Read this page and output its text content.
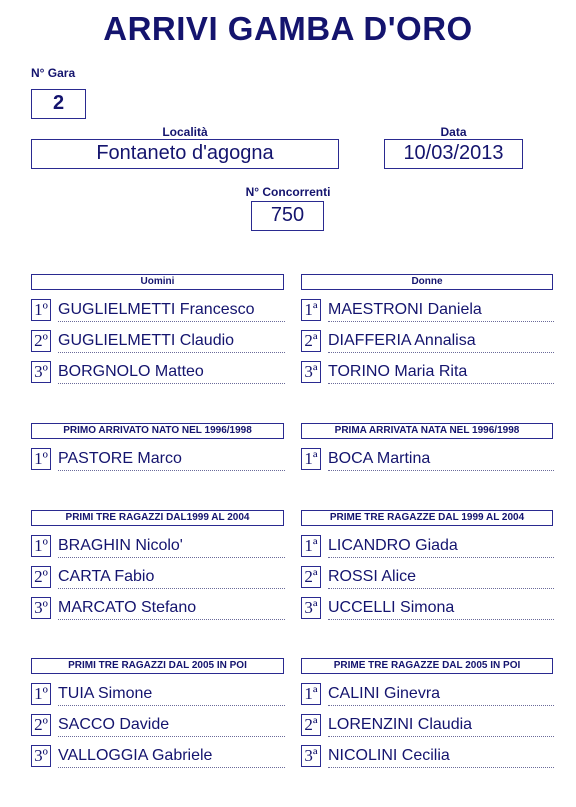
ARRIVI GAMBA D'ORO
N° Gara
2
Località
Fontaneto d'agogna
Data
10/03/2013
N° Concorrenti
750
Uomini
1º GUGLIELMETTI Francesco
2º GUGLIELMETTI Claudio
3º BORGNOLO Matteo
Donne
1ª MAESTRONI Daniela
2ª DIAFFERIA Annalisa
3ª TORINO Maria Rita
PRIMO ARRIVATO NATO NEL 1996/1998
1º PASTORE Marco
PRIMA ARRIVATA NATA NEL 1996/1998
1ª BOCA Martina
PRIMI TRE RAGAZZI DAL1999 AL 2004
1º BRAGHIN Nicolo'
2º CARTA Fabio
3º MARCATO Stefano
PRIME TRE RAGAZZE DAL 1999 AL 2004
1ª LICANDRO Giada
2ª ROSSI Alice
3ª UCCELLI Simona
PRIMI TRE RAGAZZI DAL 2005 IN POI
1º TUIA Simone
2º SACCO Davide
3º VALLOGGIA Gabriele
PRIME TRE RAGAZZE DAL 2005 IN POI
1ª CALINI Ginevra
2ª LORENZINI Claudia
3ª NICOLINI Cecilia
